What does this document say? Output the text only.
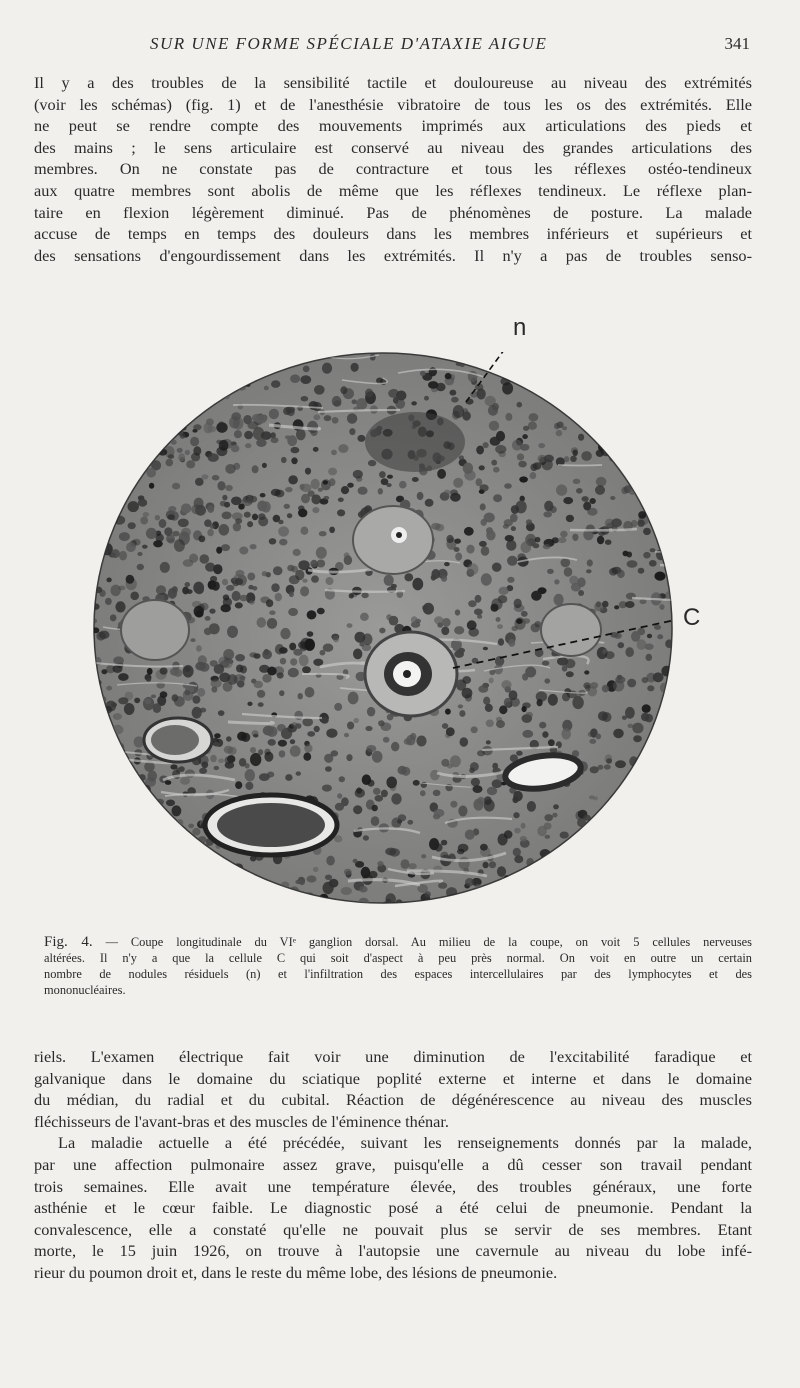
SUR UNE FORME SPÉCIALE D'ATAXIE AIGUE	341
Il y a des troubles de la sensibilité tactile et douloureuse au niveau des extrémités
(voir les schémas) (fig. 1) et de l'anesthésie vibratoire de tous les os des extrémités. Elle
ne peut se rendre compte des mouvements imprimés aux articulations des pieds et
des mains ; le sens articulaire est conservé au niveau des grandes articulations des
membres. On ne constate pas de contracture et tous les réflexes ostéo-tendineux
aux quatre membres sont abolis de même que les réflexes tendineux. Le réflexe plan-
taire en flexion légèrement diminué. Pas de phénomènes de posture. La malade
accuse de temps en temps des douleurs dans les membres inférieurs et supérieurs et
des sensations d'engourdissement dans les extrémités. Il n'y a pas de troubles senso-
n
C
Fig. 4. — Coupe longitudinale du VIᵉ ganglion dorsal. Au milieu de la coupe, on voit 5 cellules nerveuses
altérées. Il n'y a que la cellule C qui soit d'aspect à peu près normal. On voit en outre un certain
nombre de nodules résiduels (n) et l'infiltration des espaces intercellulaires par des lymphocytes et des
mononucléaires.
riels. L'examen électrique fait voir une diminution de l'excitabilité faradique et
galvanique dans le domaine du sciatique poplité externe et interne et dans le domaine
du médian, du radial et du cubital. Réaction de dégénérescence au niveau des muscles
fléchisseurs de l'avant-bras et des muscles de l'éminence thénar.
La maladie actuelle a été précédée, suivant les renseignements donnés par la malade,
par une affection pulmonaire assez grave, puisqu'elle a dû cesser son travail pendant
trois semaines. Elle avait une température élevée, des troubles généraux, une forte
asthénie et le cœur faible. Le diagnostic posé a été celui de pneumonie. Pendant la
convalescence, elle a constaté qu'elle ne pouvait plus se servir de ses membres. Etant
morte, le 15 juin 1926, on trouve à l'autopsie une cavernule au niveau du lobe infé-
rieur du poumon droit et, dans le reste du même lobe, des lésions de pneumonie.
